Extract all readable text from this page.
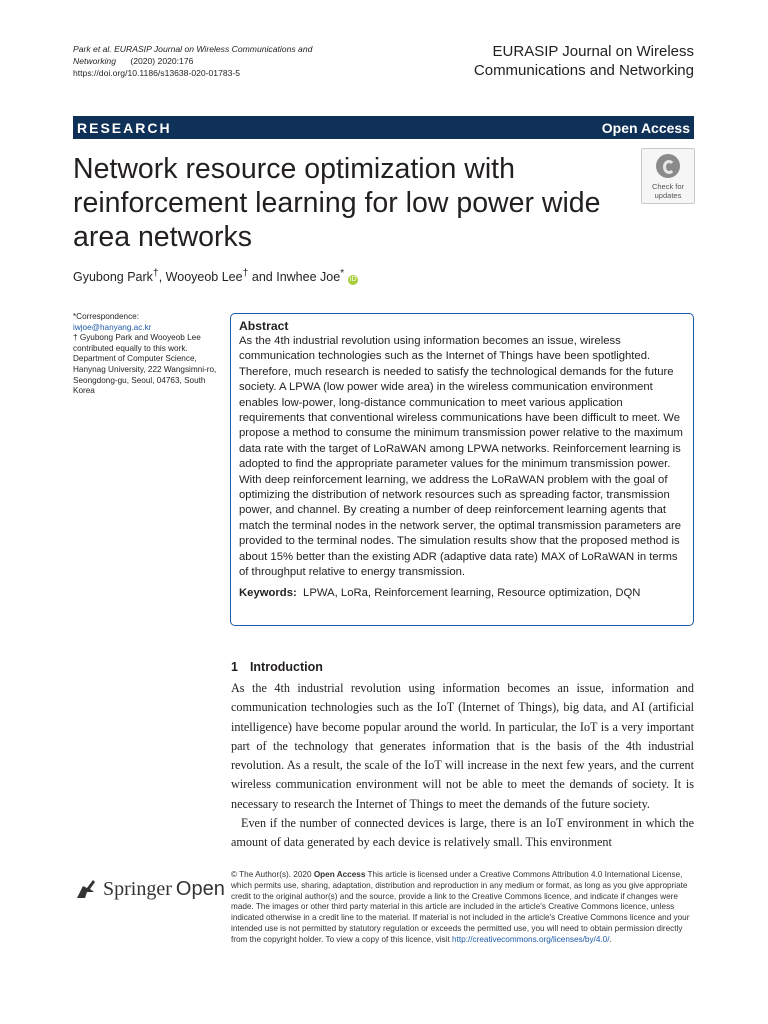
Park et al. EURASIP Journal on Wireless Communications and
Networking (2020) 2020:176
https://doi.org/10.1186/s13638-020-01783-5
EURASIP Journal on Wireless Communications and Networking
RESEARCH	Open Access
Network resource optimization with reinforcement learning for low power wide area networks
Check for
updates
Gyubong Park†, Wooyeob Lee† and Inwhee Joe*iD
*Correspondence:
iwjoe@hanyang.ac.kr
† Gyubong Park and Wooyeob Lee contributed equally to this work.
Department of Computer Science, Hanynag University, 222 Wangsimni-ro, Seongdong-gu, Seoul, 04763, South Korea
Abstract
As the 4th industrial revolution using information becomes an issue, wireless communication technologies such as the Internet of Things have been spotlighted. Therefore, much research is needed to satisfy the technological demands for the future society. A LPWA (low power wide area) in the wireless communication environment enables low-power, long-distance communication to meet various application requirements that conventional wireless communications have been difficult to meet. We propose a method to consume the minimum transmission power relative to the maximum data rate with the target of LoRaWAN among LPWA networks. Reinforcement learning is adopted to find the appropriate parameter values for the minimum transmission power. With deep reinforcement learning, we address the LoRaWAN problem with the goal of optimizing the distribution of network resources such as spreading factor, transmission power, and channel. By creating a number of deep reinforcement learning agents that match the terminal nodes in the network server, the optimal transmission parameters are provided to the terminal nodes. The simulation results show that the proposed method is about 15% better than the existing ADR (adaptive data rate) MAX of LoRaWAN in terms of throughput relative to energy transmission.
Keywords: LPWA, LoRa, Reinforcement learning, Resource optimization, DQN
1 Introduction

As the 4th industrial revolution using information becomes an issue, information and communication technologies such as the IoT (Internet of Things), big data, and AI (artificial intelligence) have become popular around the world. In particular, the IoT is a very important part of the technology that generates information that is the basis of the 4th industrial revolution. As a result, the scale of the IoT will increase in the next few years, and the current wireless communication environment will not be able to meet the demands of society. It is necessary to research the Internet of Things to meet the demands of the future society.

Even if the number of connected devices is large, there is an IoT environment in which the amount of data generated by each device is relatively small. This environment

Springer Open
© The Author(s). 2020 Open Access This article is licensed under a Creative Commons Attribution 4.0 International License, which permits use, sharing, adaptation, distribution and reproduction in any medium or format, as long as you give appropriate credit to the original author(s) and the source, provide a link to the Creative Commons licence, and indicate if changes were made. The images or other third party material in this article are included in the article's Creative Commons licence, unless indicated otherwise in a credit line to the material. If material is not included in the article's Creative Commons licence and your intended use is not permitted by statutory regulation or exceeds the permitted use, you will need to obtain permission directly from the copyright holder. To view a copy of this licence, visit http://creativecommons.org/licenses/by/4.0/.
